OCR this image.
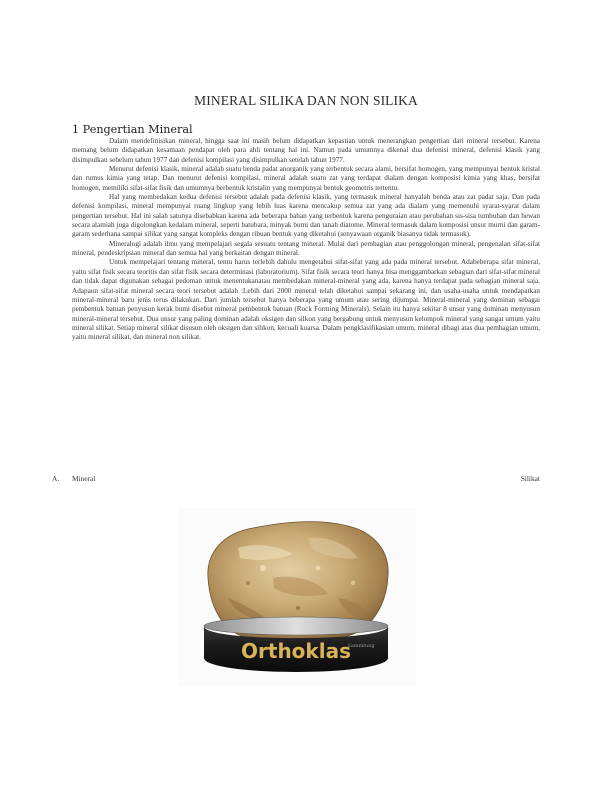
MINERAL SILIKA DAN NON SILIKA
1 Pengertian Mineral

Dalam mendefinisikan mineral, hingga saat ini masih belum didapatkan kepastian untuk menerangkan pengertian dari mineral tersebut. Karena memang belum didapatkan kesamaan pendapat oleh para ahli tentang hal ini. Namun pada umumnya dikenal dua defenisi mineral, defenisi klasik yang disimpulkan sebelum tahun 1977 dan defenisi kompilasi yang disimpulkan setelah tahun 1977.

Menurut defenisi klasik, mineral adalah suatu benda padat anorganik yang terbentuk secara alami, bersifat homogen, yang mempunyai bentuk kristal dan rumus kimia yang tetap. Dan menurut defenisi kompilasi, mineral adalah suatu zat yang terdapat dialam dengan komposisi kimia yang khas, bersifat homogen, memiliki sifat-sifat fisik dan umumnya berbentuk kristalin yang mempunyai bentuk geometris tertentu.

Hal yang membedakan kedua defenisi tersebut adalah pada defenisi klasik, yang termasuk mineral hanyalah benda atau zat padat saja. Dan pada defenisi kompilasi, mineral mempunyai ruang lingkup yang lebih luas karena mencakup semua zat yang ada dialam yang memenuhi syarat-syarat dalam pengertian tersebut. Hal ini salah satunya disebabkan karena ada beberapa bahan yang terbentuk karena penguraian atau perubahan sis-sisa tumbuhan dan hewan secara alamiah juga digolongkan kedalam mineral, seperti batubara, minyak bumi dan tanah diatome. Mineral termasuk dalam komposisi unsur murni dan garam-garam sederhana sampai silikat yang sangat kompleks dengan ribuan bentuk yang diketahui (senyawaan organik biasanya tidak termasuk).

Mineralogi adalah ilmu yang mempelajari segala sesuatu tentang mineral. Mulai dari pembagian atau penggolongan mineral, pengenalan sifat-sifat mineral, pendeskripsian mineral dan semua hal yang berkaitan dengan mineral.

Untuk mempelajari tentang mineral, tentu harus terlebih dahulu mengetahui sifat-sifat yang ada pada mineral tersebut. Adabeberapa sifat mineral, yaitu sifat fisik secara teoritis dan sifat fisik secara determinasi (laboratorium). Sifat fisik secara teori hanya bisa menggambarkan sebagian dari sifat-sifat mineral dan tidak dapat digunakan sebagai pedoman untuk menentukanatau membedakan mineral-mineral yang ada, karena hanya terdapat pada sebagian mineral saja. Adapaun sifat-sifat mineral secara teori tersebut adalah :Lebih dari 2000 mineral telah diketahui sampai sekarang ini, dan usaha-usaha untuk mendapatkan mineral-mineral baru jenis terus dilakukan. Dari jumlah tersebut hanya beberapa yang umum atau sering dijumpai. Mineral-mineral yang dominan sebagai pembentuk batuan penyusun kerak bumi disebut mineral pembentuk batuan (Rock Forming Minerals). Selain itu hanya sekitar 8 unsur yang dominan menyusun mineral-mineral tersebut. Dua unsur yang paling dominan adalah oksigen dan silkon yang bergabung untuk menyusun kelompok mineral yang sangat umum yaitu mineral silikat. Setiap mineral silikat disusun oleh oksigen dan silikon, kecuali kuarsa. Dalam pengklasifikasian umum, mineral dibagi atas dua pembagian umum, yaitu mineral silikat, dan mineral non silikat.

A. Mineral	Silikat
Orthoklas
Sammlung
